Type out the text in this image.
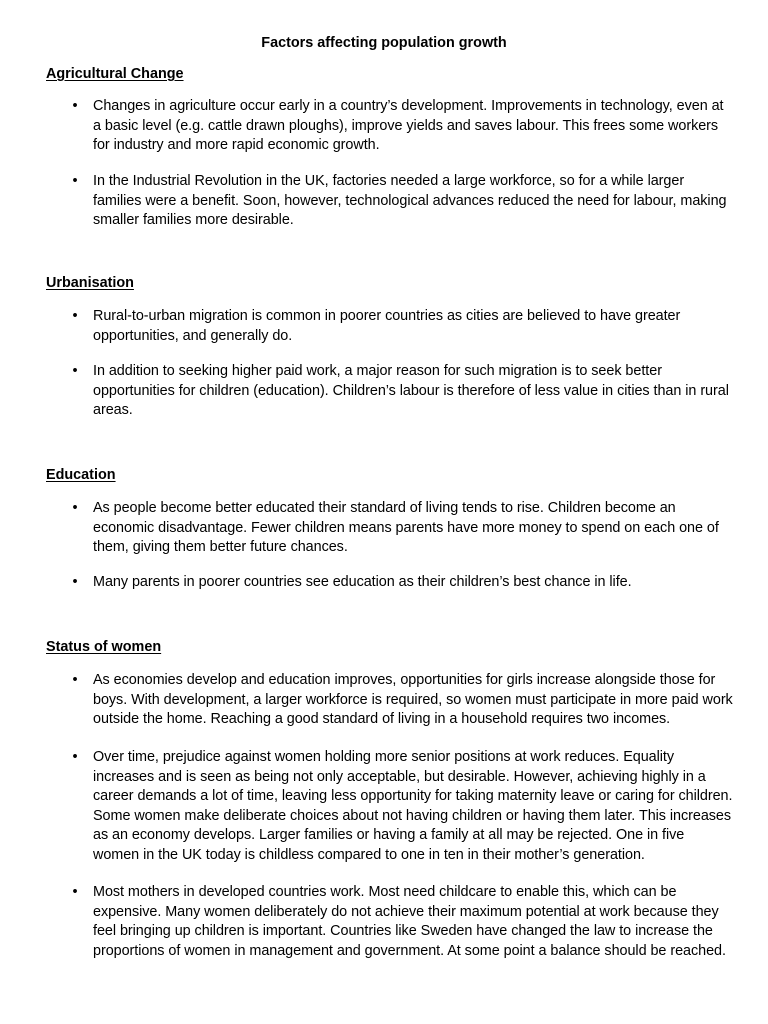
Factors affecting population growth
Agricultural Change
•	Changes in agriculture occur early in a country’s development. Improvements in technology, even at a basic level (e.g. cattle drawn ploughs), improve yields and saves labour. This frees some workers for industry and more rapid economic growth.

•	In the Industrial Revolution in the UK, factories needed a large workforce, so for a while larger families were a benefit. Soon, however, technological advances reduced the need for labour, making smaller families more desirable.

Urbanisation
•	Rural-to-urban migration is common in poorer countries as cities are believed to have greater opportunities, and generally do.

•	In addition to seeking higher paid work, a major reason for such migration is to seek better opportunities for children (education). Children’s labour is therefore of less value in cities than in rural areas.

Education
•	As people become better educated their standard of living tends to rise. Children become an economic disadvantage. Fewer children means parents have more money to spend on each one of them, giving them better future chances.

•	Many parents in poorer countries see education as their children’s best chance in life.

Status of women
•	As economies develop and education improves, opportunities for girls increase alongside those for boys. With development, a larger workforce is required, so women must participate in more paid work outside the home. Reaching a good standard of living in a household requires two incomes.

•	Over time, prejudice against women holding more senior positions at work reduces. Equality increases and is seen as being not only acceptable, but desirable. However, achieving highly in a career demands a lot of time, leaving less opportunity for taking maternity leave or caring for children. Some women make deliberate choices about not having children or having them later. This increases as an economy develops. Larger families or having a family at all may be rejected. One in five women in the UK today is childless compared to one in ten in their mother’s generation.

•	Most mothers in developed countries work. Most need childcare to enable this, which can be expensive. Many women deliberately do not achieve their maximum potential at work because they feel bringing up children is important. Countries like Sweden have changed the law to increase the proportions of women in management and government. At some point a balance should be reached.
